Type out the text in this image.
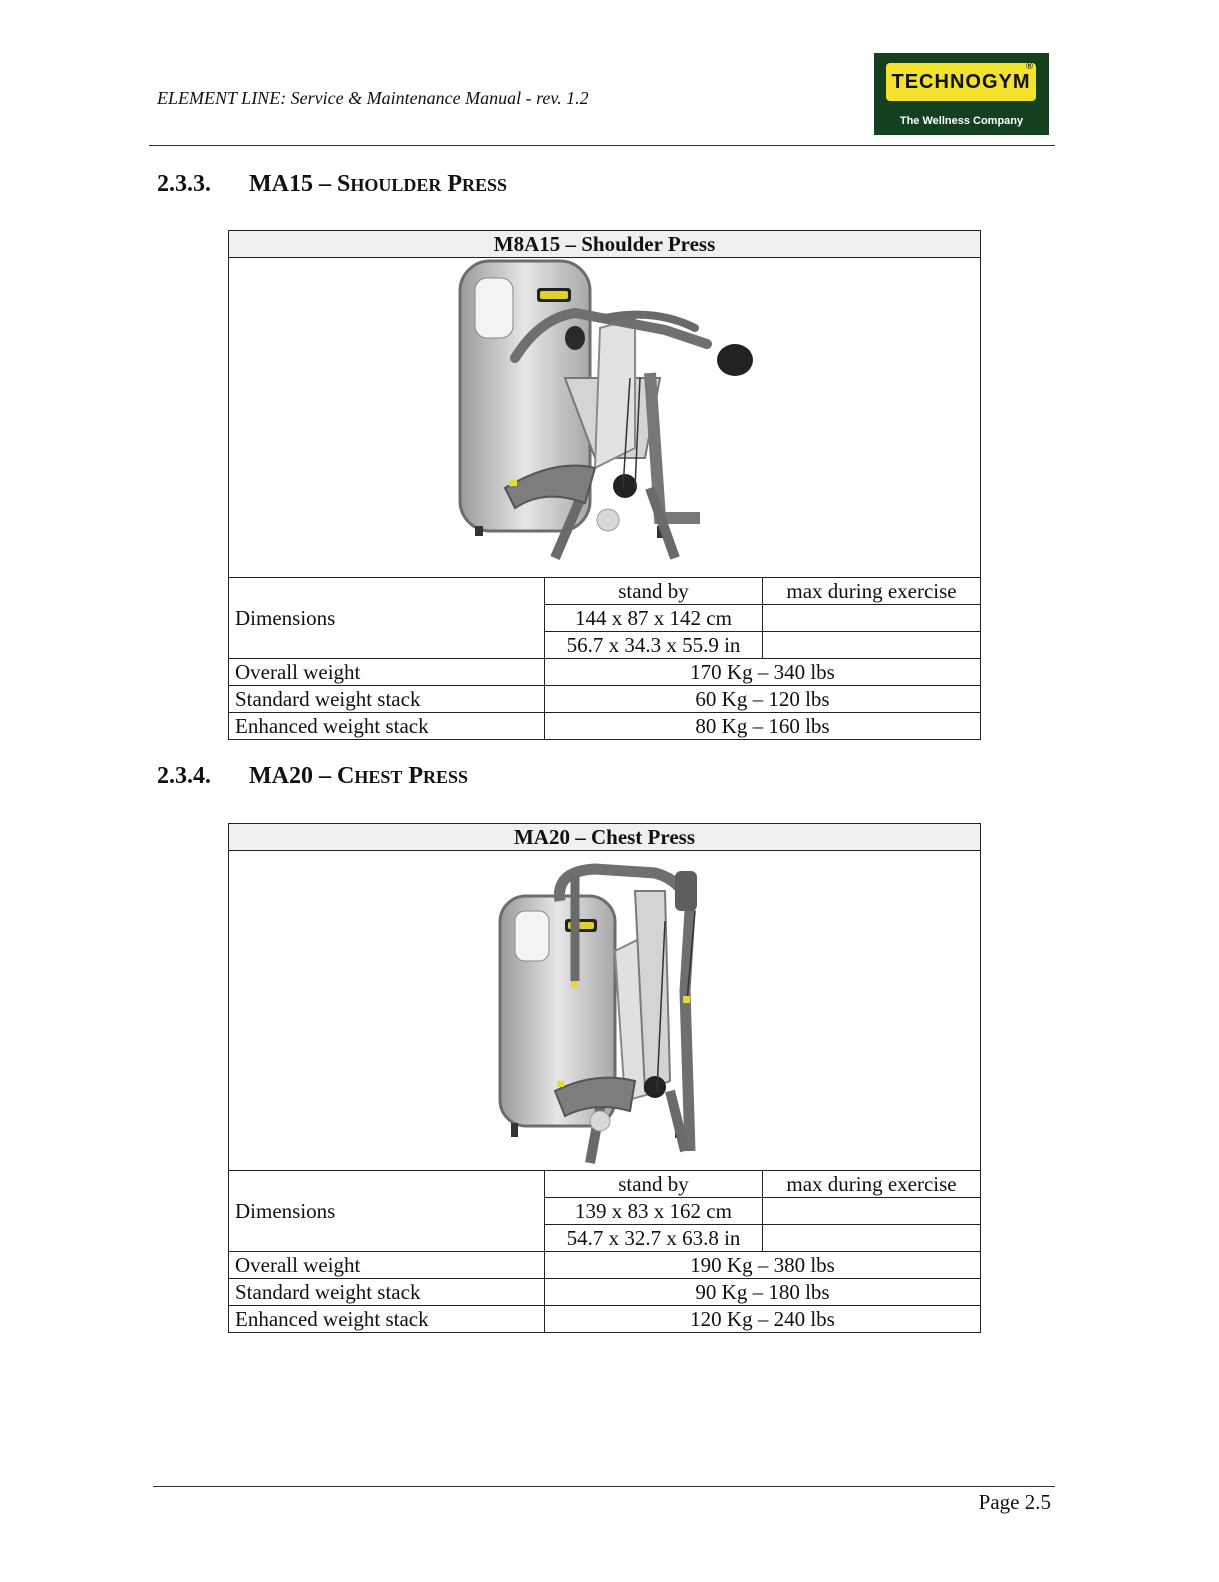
ELEMENT LINE: Service & Maintenance Manual - rev. 1.2
TECHNOGYM
®
The Wellness Company
2.3.3. MA15 – SHOULDER PRESS
M8A15 – Shoulder Press		

Dimensions	stand by	max during exercise
	144 x 87 x 142 cm	
	56.7 x 34.3 x 55.9 in	
Overall weight	170 Kg – 340 lbs	
Standard weight stack	60 Kg – 120 lbs	
Enhanced weight stack	80 Kg – 160 lbs	
2.3.4. MA20 – CHEST PRESS
MA20 – Chest Press		

Dimensions	stand by	max during exercise
	139 x 83 x 162 cm	
	54.7 x 32.7 x 63.8 in	
Overall weight	190 Kg – 380 lbs	
Standard weight stack	90 Kg – 180 lbs	
Enhanced weight stack	120 Kg – 240 lbs	
Page 2.5
